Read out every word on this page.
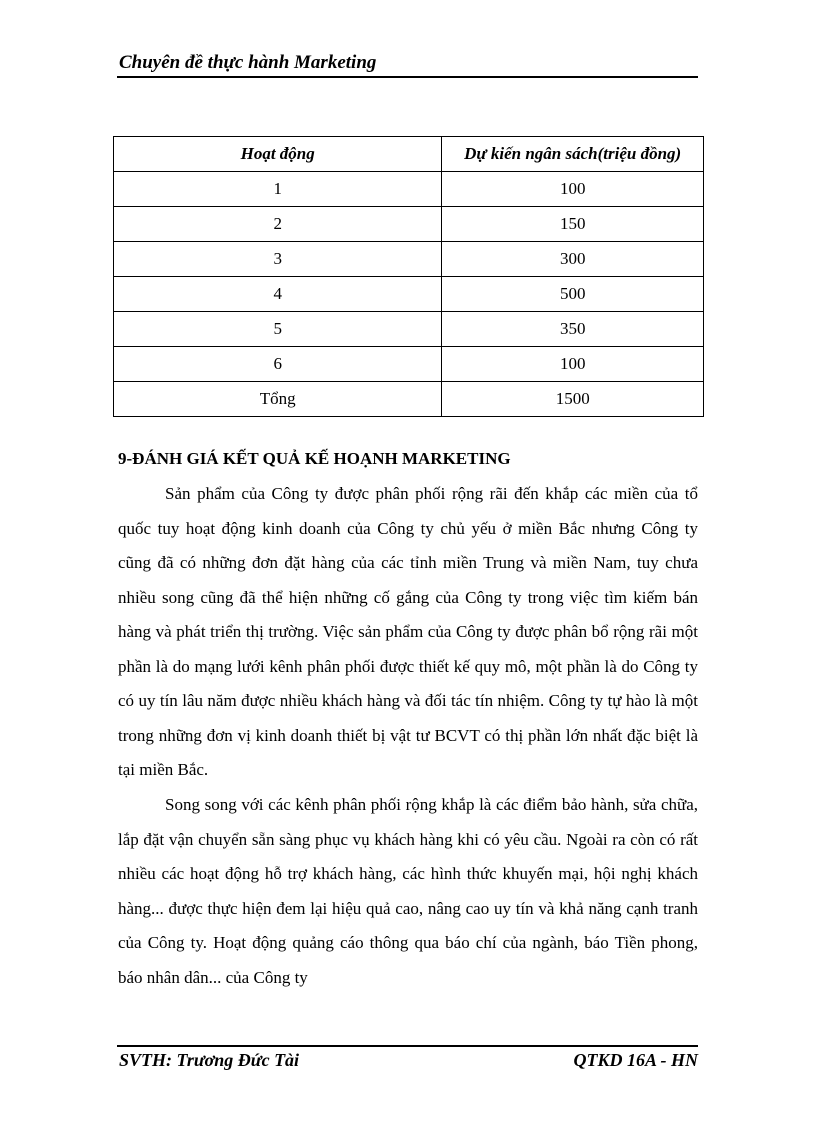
Chuyên đề thực hành Marketing
Hoạt động	Dự kiến ngân sách(triệu đồng)
1	100
2	150
3	300
4	500
5	350
6	100
Tổng	1500
9-ĐÁNH GIÁ KẾT QUẢ KẾ HOẠNH MARKETING

Sản phẩm của Công ty được phân phối rộng rãi đến khắp các miền của tổ quốc tuy hoạt động kinh doanh của Công ty chủ yếu ở miền Bắc nhưng Công ty cũng đã có những đơn đặt hàng của các tỉnh miền Trung và miền Nam, tuy chưa nhiều song cũng đã thể hiện những cố gắng của Công ty trong việc tìm kiếm bán hàng và phát triển thị trường. Việc sản phẩm của Công ty được phân bổ rộng rãi một phần là do mạng lưới kênh phân phối được thiết kế quy mô, một phần là do Công ty có uy tín lâu năm được nhiều khách hàng và đối tác tín nhiệm. Công ty tự hào là một trong những đơn vị kinh doanh thiết bị vật tư BCVT có thị phần lớn nhất đặc biệt là tại miền Bắc.

Song song với các kênh phân phối rộng khắp là các điểm bảo hành, sửa chữa, lắp đặt vận chuyển sẵn sàng phục vụ khách hàng khi có yêu cầu. Ngoài ra còn có rất nhiều các hoạt động hỗ trợ khách hàng, các hình thức khuyến mại, hội nghị khách hàng... được thực hiện đem lại hiệu quả cao, nâng cao uy tín và khả năng cạnh tranh của Công ty. Hoạt động quảng cáo thông qua báo chí của ngành, báo Tiền phong, báo nhân dân... của Công ty

SVTH: Trương Đức Tài	QTKD 16A - HN
